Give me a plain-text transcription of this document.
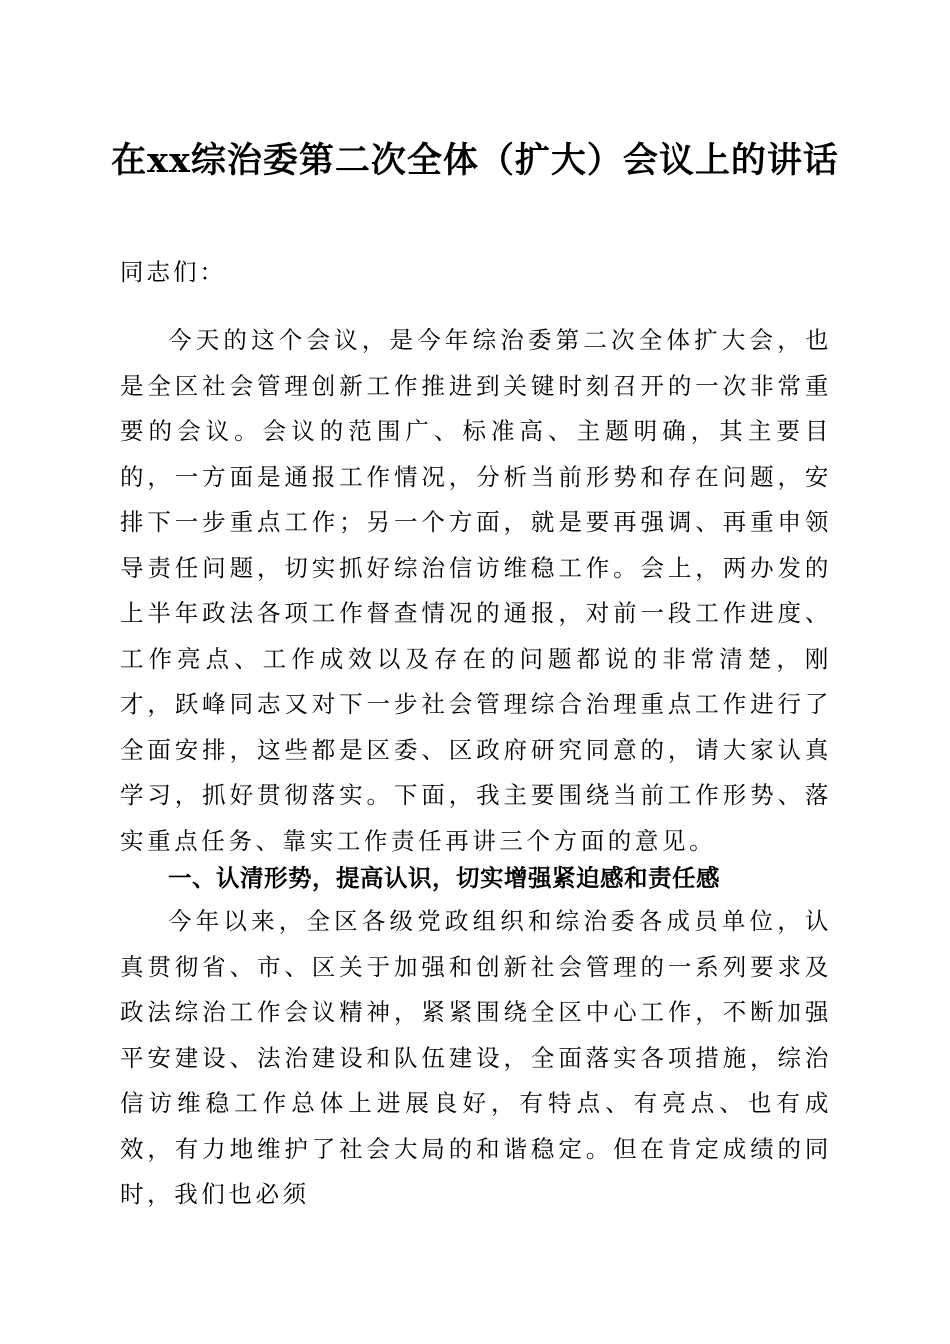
在xx综治委第二次全体（扩大）会议上的讲话
同志们：

今天的这个会议，是今年综治委第二次全体扩大会，也是全区社会管理创新工作推进到关键时刻召开的一次非常重要的会议。会议的范围广、标准高、主题明确，其主要目的，一方面是通报工作情况，分析当前形势和存在问题，安排下一步重点工作；另一个方面，就是要再强调、再重申领导责任问题，切实抓好综治信访维稳工作。会上，两办发的上半年政法各项工作督查情况的通报，对前一段工作进度、工作亮点、工作成效以及存在的问题都说的非常清楚，刚才，跃峰同志又对下一步社会管理综合治理重点工作进行了全面安排，这些都是区委、区政府研究同意的，请大家认真学习，抓好贯彻落实。下面，我主要围绕当前工作形势、落实重点任务、靠实工作责任再讲三个方面的意见。

一、认清形势，提高认识，切实增强紧迫感和责任感

今年以来，全区各级党政组织和综治委各成员单位，认真贯彻省、市、区关于加强和创新社会管理的一系列要求及政法综治工作会议精神，紧紧围绕全区中心工作，不断加强平安建设、法治建设和队伍建设，全面落实各项措施，综治信访维稳工作总体上进展良好，有特点、有亮点、也有成效，有力地维护了社会大局的和谐稳定。但在肯定成绩的同时，我们也必须
